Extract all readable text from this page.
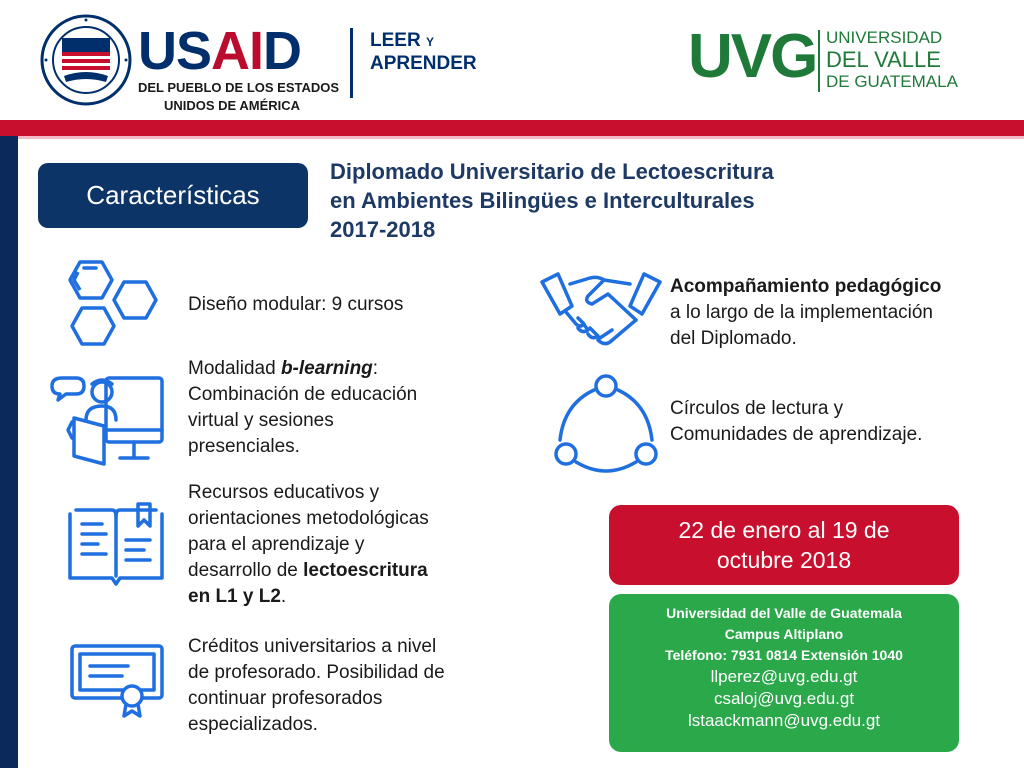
USAID
DEL PUEBLO DE LOS ESTADOS
UNIDOS DE AMÉRICA
LEER Y
APRENDER	UVG UNIVERSIDAD
DEL VALLE
DE GUATEMALA
Características
Diplomado Universitario de Lectoescritura
en Ambientes Bilingües e Interculturales
2017-2018
Diseño modular: 9 cursos
Modalidad b-learning:
Combinación de educación
virtual y sesiones
presenciales.
Recursos educativos y
orientaciones metodológicas
para el aprendizaje y
desarrollo de lectoescritura
en L1 y L2.
Créditos universitarios a nivel
de profesorado. Posibilidad de
continuar profesorados
especializados.
Acompañamiento pedagógico
a lo largo de la implementación
del Diplomado.
Círculos de lectura y
Comunidades de aprendizaje.
22 de enero al 19 de
octubre 2018
Universidad del Valle de Guatemala
Campus Altiplano
Teléfono: 7931 0814 Extensión 1040
llperez@uvg.edu.gt
csaloj@uvg.edu.gt
lstaackmann@uvg.edu.gt
